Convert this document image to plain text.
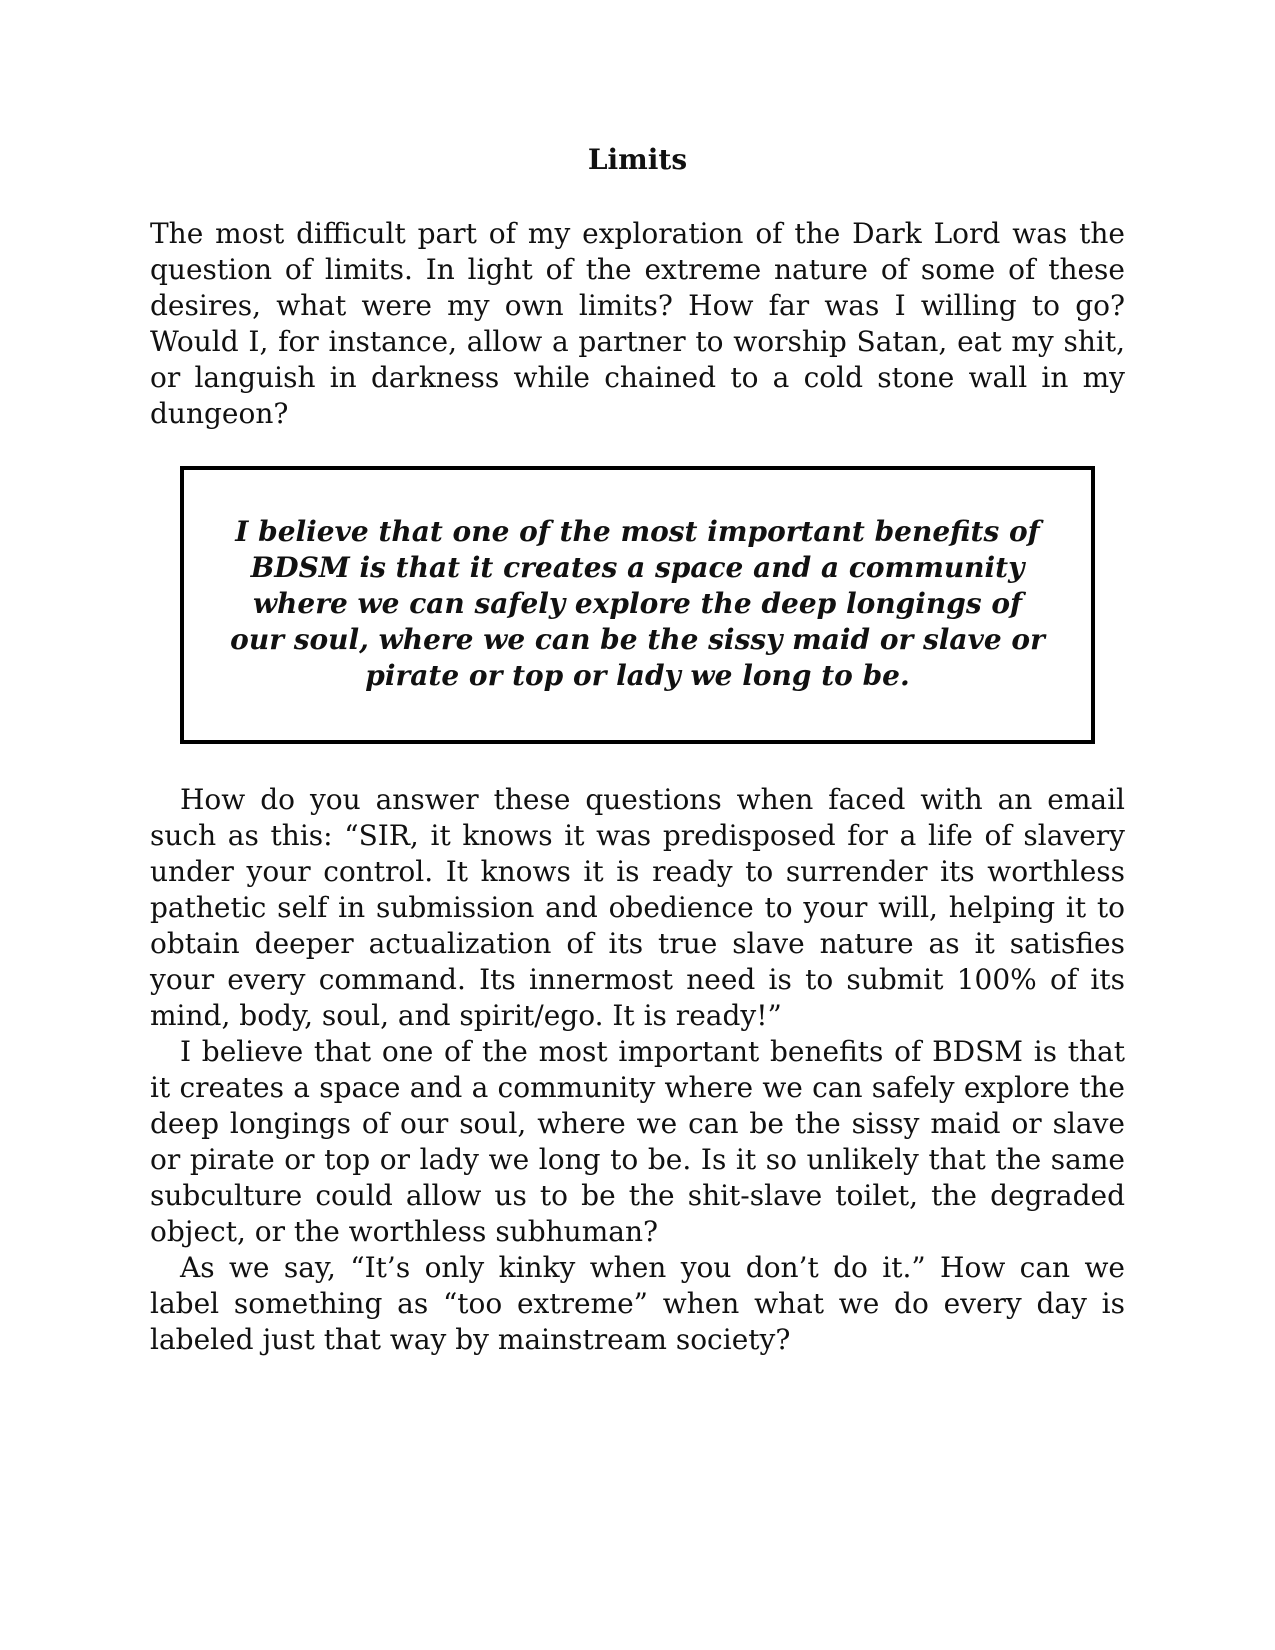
Limits

The most difficult part of my exploration of the Dark Lord was the question of limits. In light of the extreme nature of some of these desires, what were my own limits? How far was I willing to go? Would I, for instance, allow a partner to worship Satan, eat my shit, or languish in darkness while chained to a cold stone wall in my dungeon?

I believe that one of the most important benefits of BDSM is that it creates a space and a community where we can safely explore the deep longings of our soul, where we can be the sissy maid or slave or pirate or top or lady we long to be.

How do you answer these questions when faced with an email such as this: “SIR, it knows it was predisposed for a life of slavery under your control. It knows it is ready to surrender its worthless pathetic self in submission and obedience to your will, helping it to obtain deeper actualization of its true slave nature as it satisfies your every command. Its innermost need is to submit 100% of its mind, body, soul, and spirit/ego. It is ready!”

I believe that one of the most important benefits of BDSM is that it creates a space and a community where we can safely explore the deep longings of our soul, where we can be the sissy maid or slave or pirate or top or lady we long to be. Is it so unlikely that the same subculture could allow us to be the shit-slave toilet, the degraded object, or the worthless subhuman?

As we say, “It’s only kinky when you don’t do it.” How can we label something as “too extreme” when what we do every day is labeled just that way by mainstream society?
